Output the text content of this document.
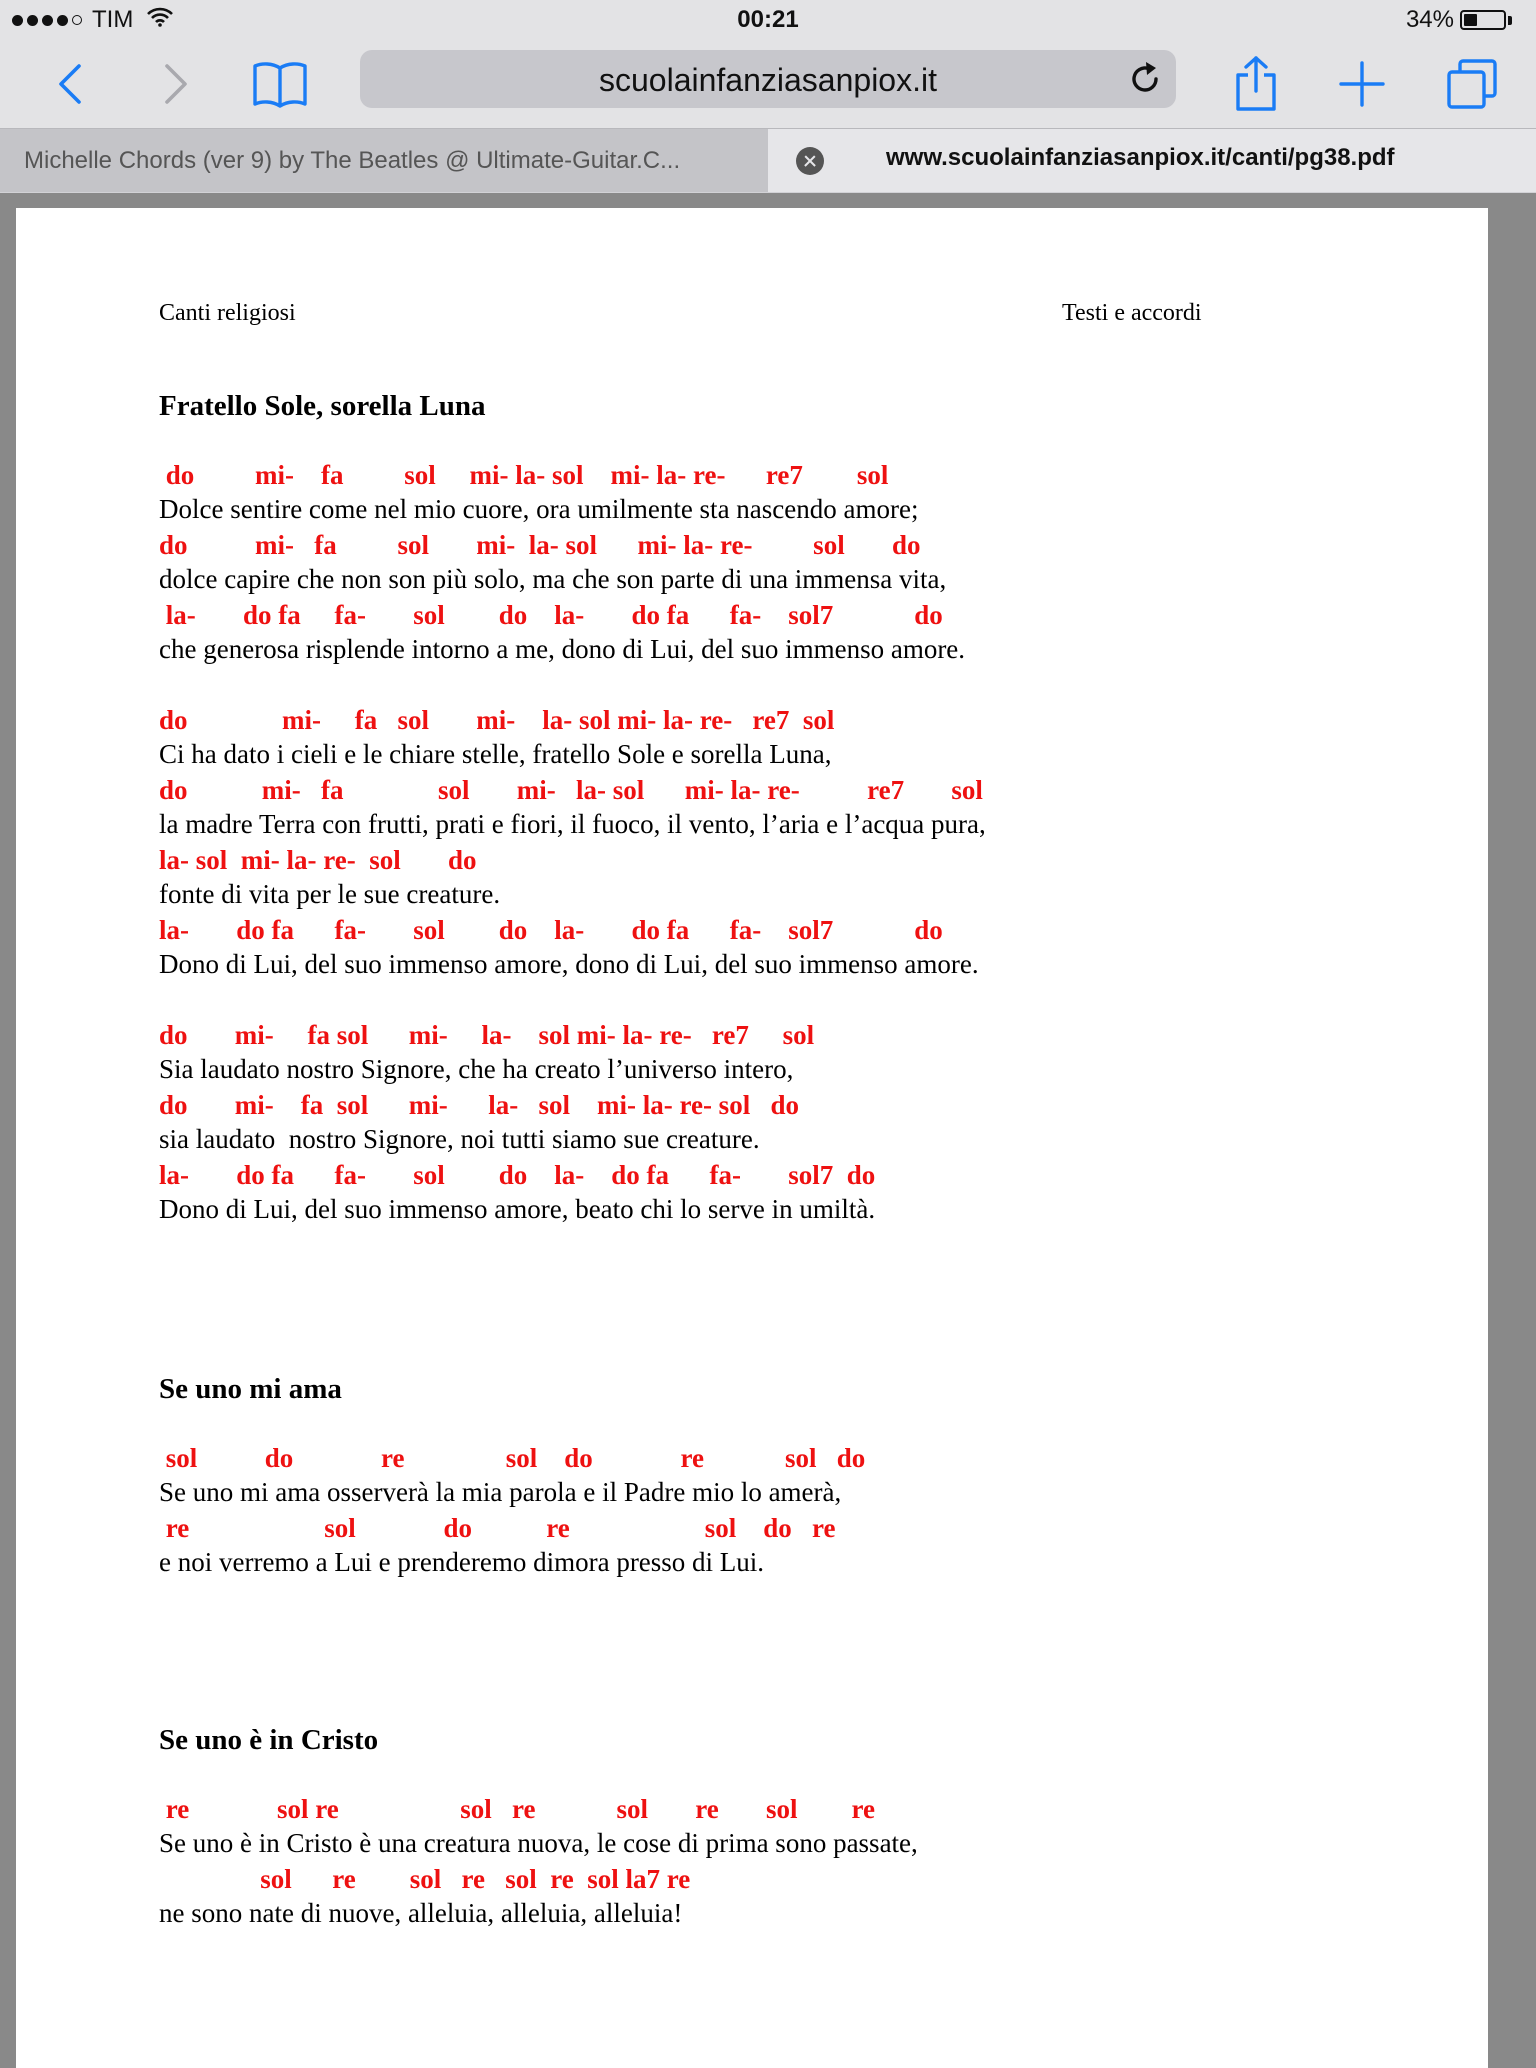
TIM	00:21	34%
scuolainfanziasanpiox.it
Michelle Chords (ver 9) by The Beatles @ Ultimate-Guitar.C...	www.scuolainfanziasanpiox.it/canti/pg38.pdf
Canti religiosi	Testi e accordi
Fratello Sole, sorella Luna
do         mi-    fa         sol     mi- la- sol    mi- la- re-      re7        sol
Dolce sentire come nel mio cuore, ora umilmente sta nascendo amore;
do          mi-   fa         sol       mi-  la- sol      mi- la- re-         sol       do
dolce capire che non son più solo, ma che son parte di una immensa vita,
la-       do fa     fa-       sol        do    la-       do fa      fa-    sol7            do
che generosa risplende intorno a me, dono di Lui, del suo immenso amore.
do              mi-     fa   sol       mi-    la- sol mi- la- re-   re7  sol
Ci ha dato i cieli e le chiare stelle, fratello Sole e sorella Luna,
do           mi-   fa              sol       mi-   la- sol      mi- la- re-          re7       sol
la madre Terra con frutti, prati e fiori, il fuoco, il vento, l’aria e l’acqua pura,
la- sol  mi- la- re-  sol       do
fonte di vita per le sue creature.
la-       do fa      fa-       sol        do    la-       do fa      fa-    sol7            do
Dono di Lui, del suo immenso amore, dono di Lui, del suo immenso amore.
do       mi-     fa sol      mi-     la-    sol mi- la- re-   re7     sol
Sia laudato nostro Signore, che ha creato l’universo intero,
do       mi-    fa  sol      mi-      la-   sol    mi- la- re- sol   do
sia laudato  nostro Signore, noi tutti siamo sue creature.
la-       do fa      fa-       sol        do    la-    do fa      fa-       sol7  do
Dono di Lui, del suo immenso amore, beato chi lo serve in umiltà.
Se uno mi ama
sol          do             re               sol    do             re            sol   do
Se uno mi ama osserverà la mia parola e il Padre mio lo amerà,
re                    sol             do           re                    sol    do   re
e noi verremo a Lui e prenderemo dimora presso di Lui.
Se uno è in Cristo
re             sol re                  sol   re            sol       re       sol        re
Se uno è in Cristo è una creatura nuova, le cose di prima sono passate,
sol      re        sol   re   sol  re  sol la7 re
ne sono nate di nuove, alleluia, alleluia, alleluia!
